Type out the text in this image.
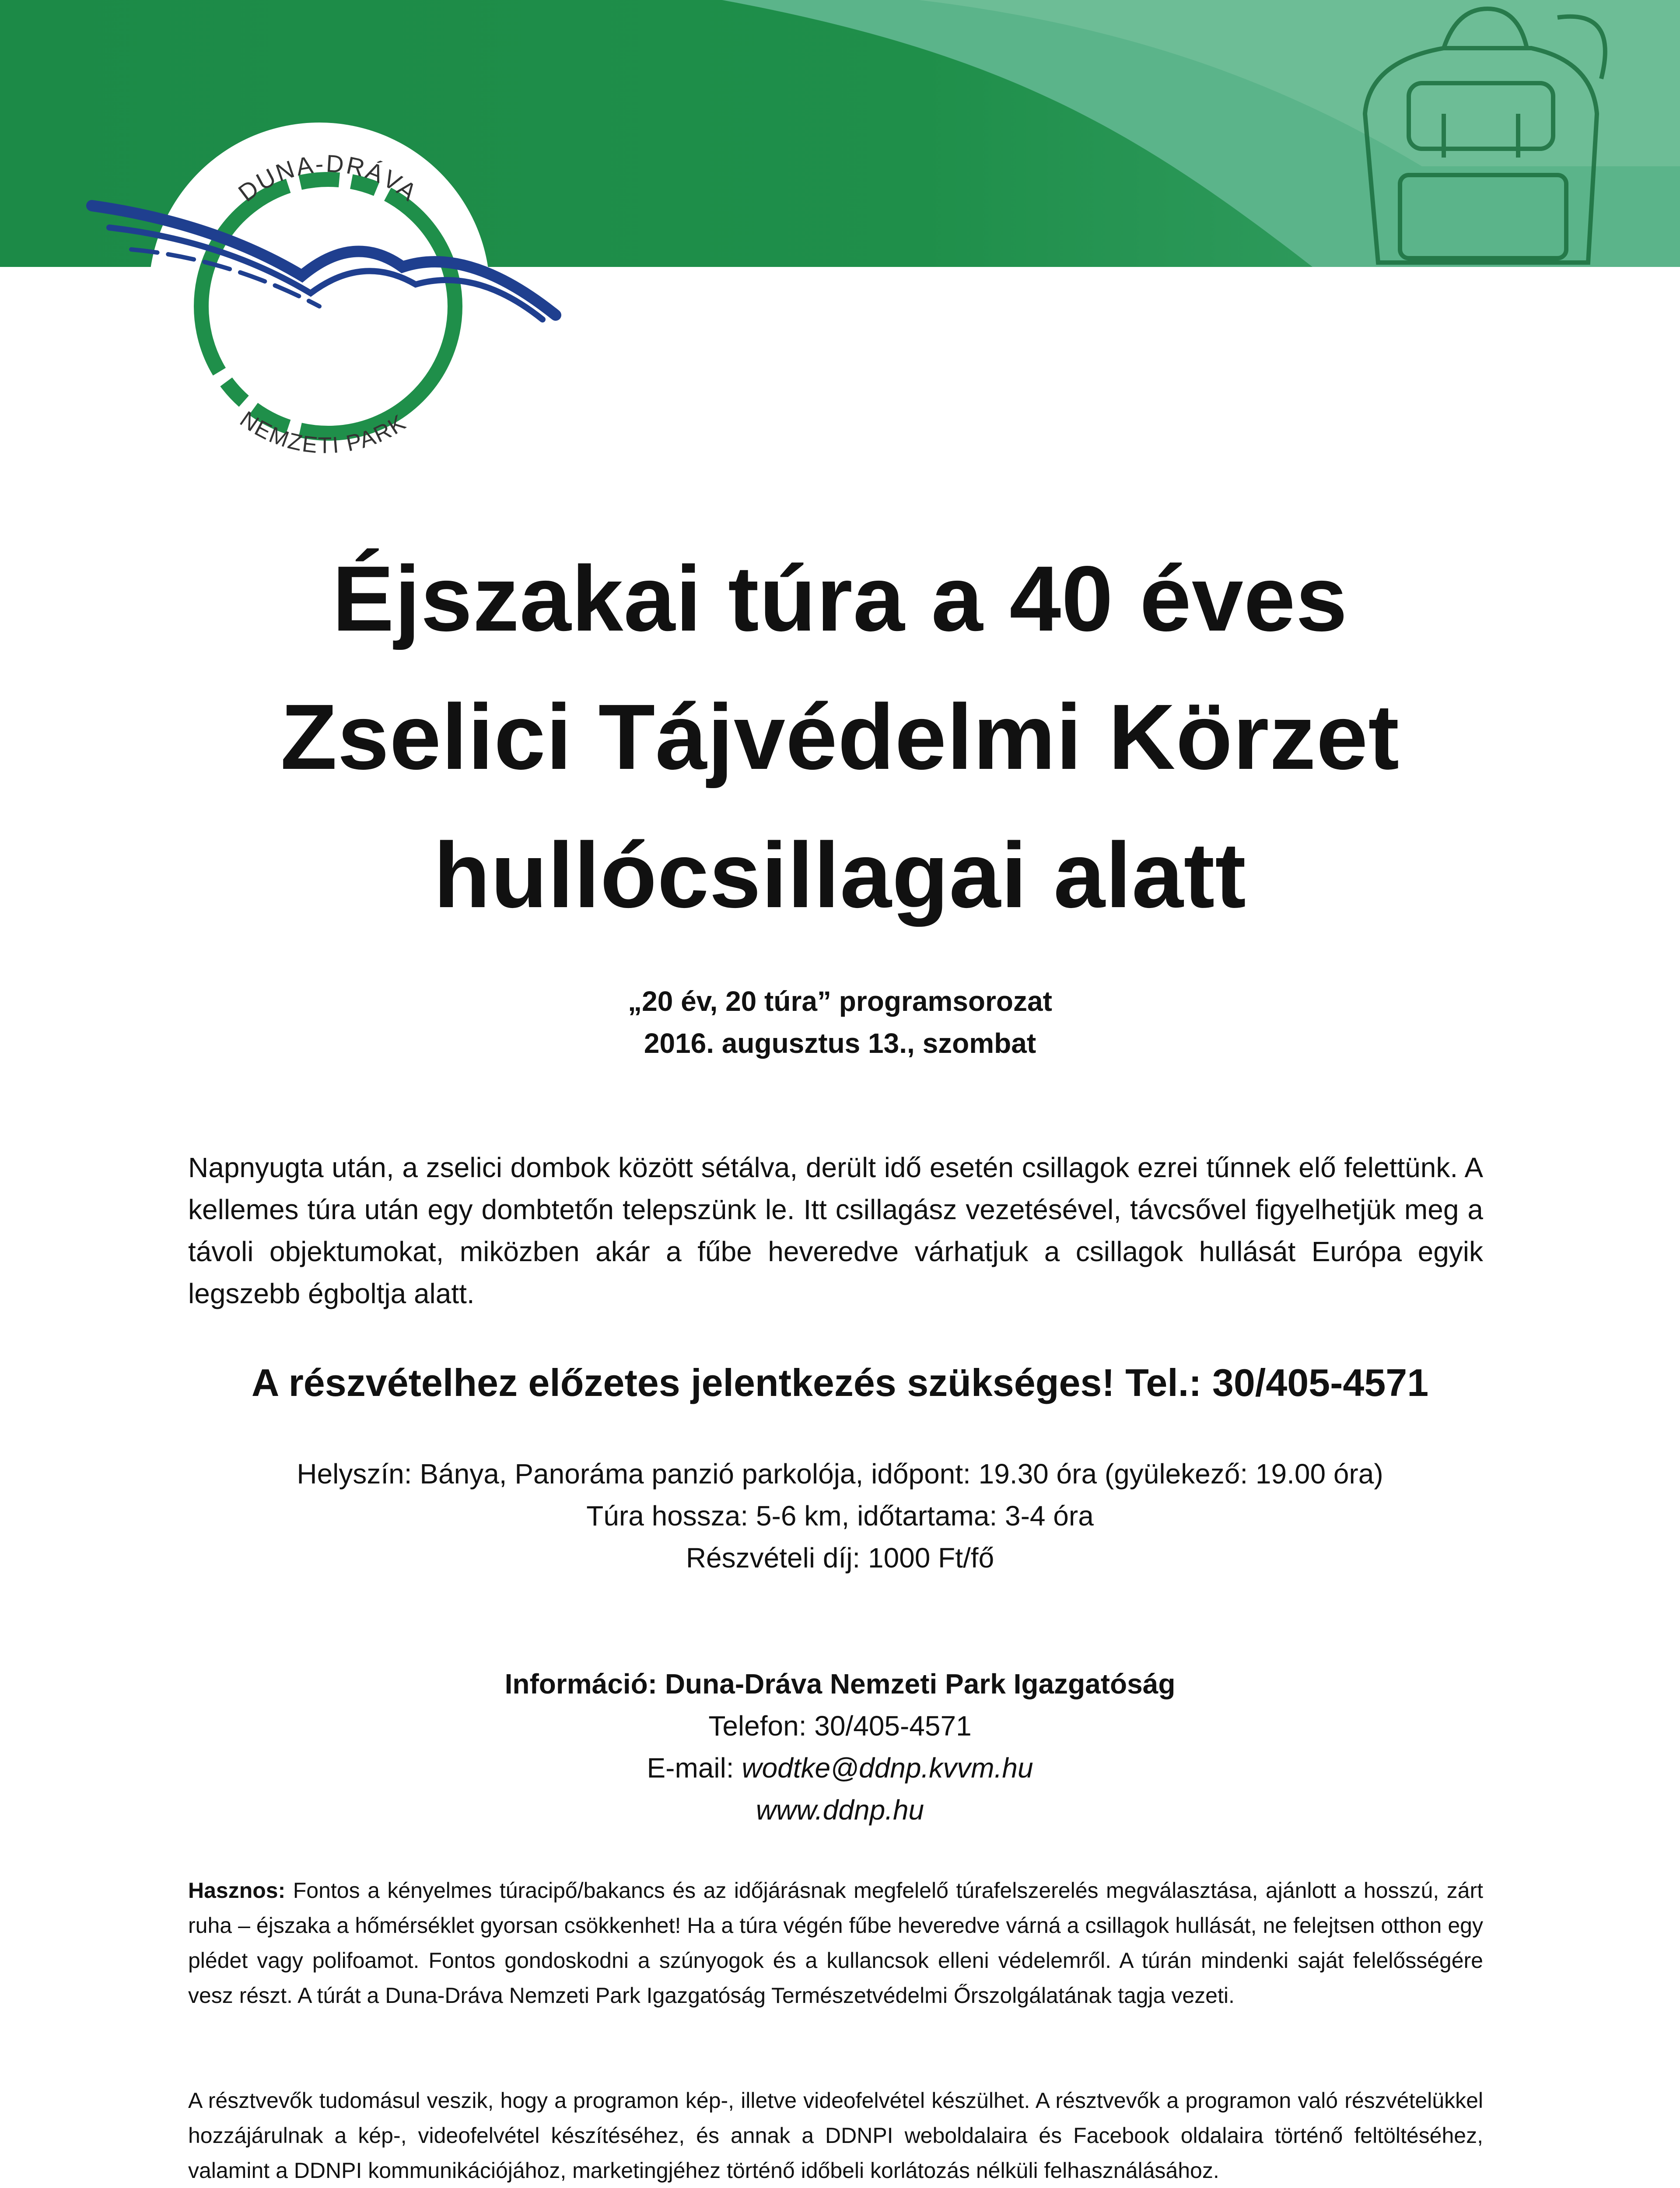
DUNA-DRÁVA
NEMZETI PARK
Éjszakai túra a 40 éves
Zselici Tájvédelmi Körzet
hullócsillagai alatt
„20 év, 20 túra” programsorozat
2016. augusztus 13., szombat

Napnyugta után, a zselici dombok között sétálva, derült idő esetén csillagok ezrei tűnnek elő felettünk. A kellemes túra után egy dombtetőn telepszünk le. Itt csillagász vezetésével, távcsővel figyelhetjük meg a távoli objektumokat, miközben akár a fűbe heveredve várhatjuk a csillagok hullását Európa egyik legszebb égboltja alatt.

A részvételhez előzetes jelentkezés szükséges! Tel.: 30/405-4571
Helyszín: Bánya, Panoráma panzió parkolója, időpont: 19.30 óra (gyülekező: 19.00 óra)
Túra hossza: 5-6 km, időtartama: 3-4 óra
Részvételi díj: 1000 Ft/fő
Információ: Duna-Dráva Nemzeti Park Igazgatóság
Telefon: 30/405-4571
E-mail: wodtke@ddnp.kvvm.hu
www.ddnp.hu

Hasznos: Fontos a kényelmes túracipő/bakancs és az időjárásnak megfelelő túrafelszerelés megválasztása, ajánlott a hosszú, zárt ruha – éjszaka a hőmérséklet gyorsan csökkenhet! Ha a túra végén fűbe heveredve várná a csillagok hullását, ne felejtsen otthon egy plédet vagy polifoamot. Fontos gondoskodni a szúnyogok és a kullancsok elleni védelemről. A túrán mindenki saját felelősségére vesz részt. A túrát a Duna-Dráva Nemzeti Park Igazgatóság Természetvédelmi Őrszolgálatának tagja vezeti.

A résztvevők tudomásul veszik, hogy a programon kép-, illetve videofelvétel készülhet. A résztvevők a programon való részvételükkel hozzájárulnak a kép-, videofelvétel készítéséhez, és annak a DDNPI weboldalaira és Facebook oldalaira történő feltöltéséhez, valamint a DDNPI kommunikációjához, marketingjéhez történő időbeli korlátozás nélküli felhasználásához.
